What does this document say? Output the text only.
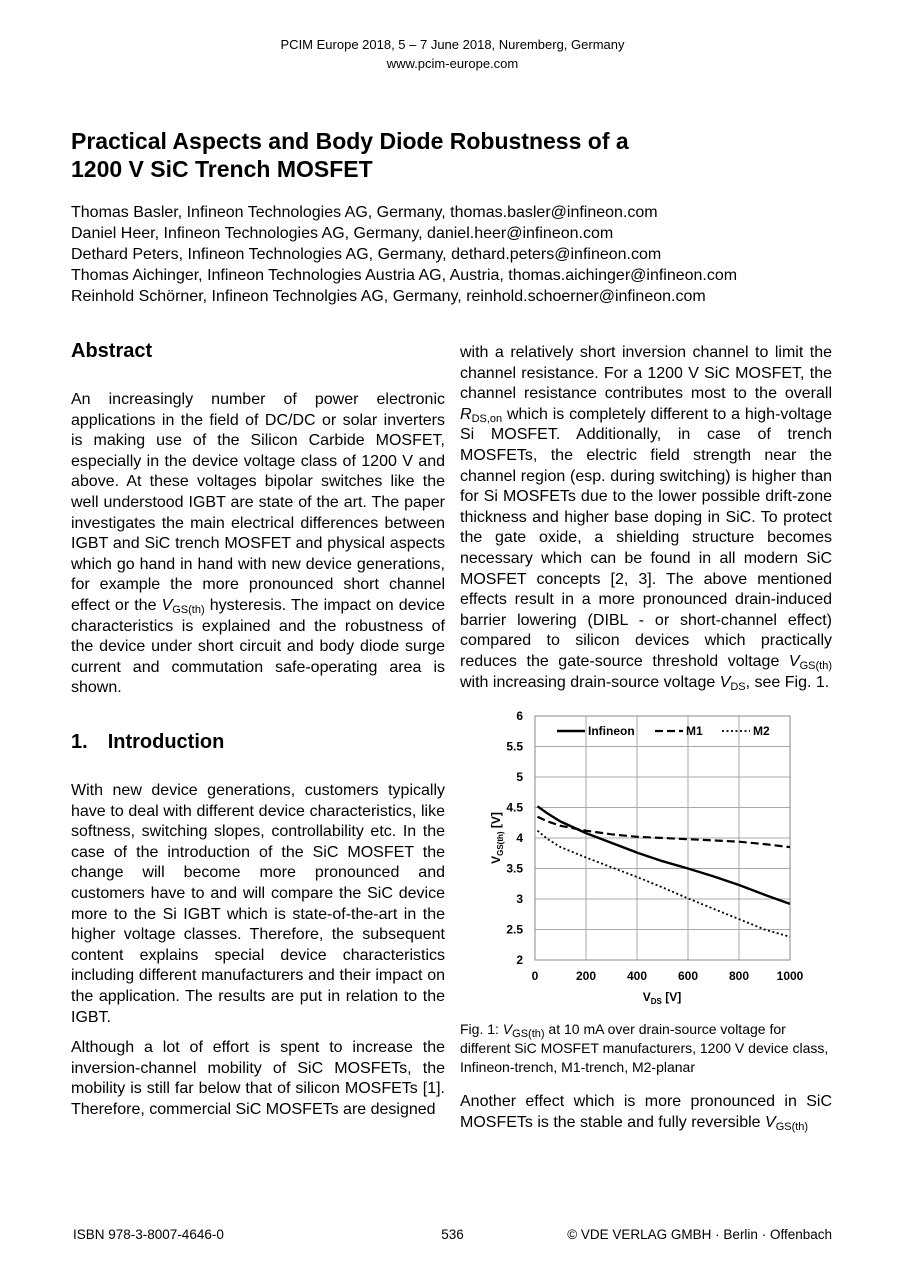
PCIM Europe 2018, 5 – 7 June 2018, Nuremberg, Germany
www.pcim-europe.com
Practical Aspects and Body Diode Robustness of a
1200 V SiC Trench MOSFET
Thomas Basler, Infineon Technologies AG, Germany, thomas.basler@infineon.com
Daniel Heer, Infineon Technologies AG, Germany, daniel.heer@infineon.com
Dethard Peters, Infineon Technologies AG, Germany, dethard.peters@infineon.com
Thomas Aichinger, Infineon Technologies Austria AG, Austria, thomas.aichinger@infineon.com
Reinhold Schörner, Infineon Technolgies AG, Germany, reinhold.schoerner@infineon.com
Abstract

An increasingly number of power electronic applications in the field of DC/DC or solar inverters is making use of the Silicon Carbide MOSFET, especially in the device voltage class of 1200 V and above. At these voltages bipolar switches like the well understood IGBT are state of the art. The paper investigates the main electrical differences between IGBT and SiC trench MOSFET and physical aspects which go hand in hand with new device generations, for example the more pronounced short channel effect or the $V_{GS(th)}$ hysteresis. The impact on device characteristics is explained and the robustness of the device under short circuit and body diode surge current and commutation safe-operating area is shown.

1. Introduction

With new device generations, customers typically have to deal with different device characteristics, like softness, switching slopes, controllability etc. In the case of the introduction of the SiC MOSFET the change will become more pronounced and customers have to and will compare the SiC device more to the Si IGBT which is state-of-the-art in the higher voltage classes. Therefore, the subsequent content explains special device characteristics including different manufacturers and their impact on the application. The results are put in relation to the IGBT.

Although a lot of effort is spent to increase the inversion-channel mobility of SiC MOSFETs, the mobility is still far below that of silicon MOSFETs [1]. Therefore, commercial SiC MOSFETs are designed

with a relatively short inversion channel to limit the channel resistance. For a 1200 V SiC MOSFET, the channel resistance contributes most to the overall $R_{DS,on}$ which is completely different to a high-voltage Si MOSFET. Additionally, in case of trench MOSFETs, the electric field strength near the channel region (esp. during switching) is higher than for Si MOSFETs due to the lower possible drift-zone thickness and higher base doping in SiC. To protect the gate oxide, a shielding structure becomes necessary which can be found in all modern SiC MOSFET concepts [2, 3]. The above mentioned effects result in a more pronounced drain-induced barrier lowering (DIBL - or short-channel effect) compared to silicon devices which practically reduces the gate-source threshold voltage $V_{GS(th)}$ with increasing drain-source voltage $V_{DS}$, see Fig. 1.

2
2.5
3
3.5
4
4.5
5
5.5
6
0	200	400	600	800 1000
Infineon	M1	M2
$V_{GS(th)}$ [V]
$V_{DS}$ [V]
Fig. 1: $V_{GS(th)}$ at 10 mA over drain-source voltage for different SiC MOSFET manufacturers, 1200 V device class, Infineon-trench, M1-trench, M2-planar

Another effect which is more pronounced in SiC MOSFETs is the stable and fully reversible $V_{GS(th)}$

ISBN 978-3-8007-4646-0	536	© VDE VERLAG GMBH · Berlin · Offenbach
